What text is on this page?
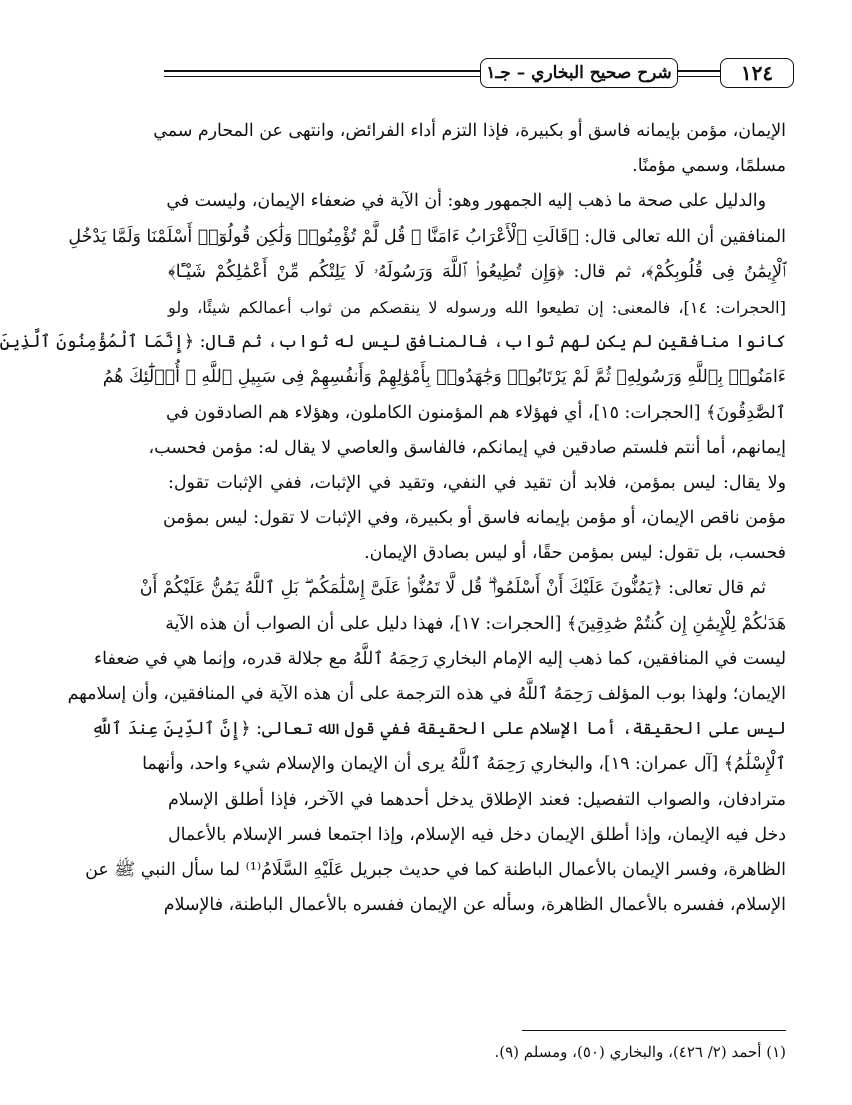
١٢٤
شرح صحيح البخاري – جـ١
الإيمان، مؤمن بإيمانه فاسق أو بكبيرة، فإذا التزم أداء الفرائض، وانتهى عن المحارم سمي
مسلمًا، وسمي مؤمنًا.
والدليل على صحة ما ذهب إليه الجمهور وهو: أن الآية في ضعفاء الإيمان، وليست في
المنافقين أن الله تعالى قال: ﴿قَالَتِ ٱلْأَعْرَابُ ءَامَنَّا ۖ قُل لَّمْ تُؤْمِنُوا۟ وَلَٰكِن قُولُوٓا۟ أَسْلَمْنَا وَلَمَّا يَدْخُلِ
ٱلْإِيمَٰنُ فِى قُلُوبِكُمْ﴾، ثم قال: ﴿وَإِن تُطِيعُوا۟ ٱللَّهَ وَرَسُولَهُۥ لَا يَلِتْكُم مِّنْ أَعْمَٰلِكُمْ شَيْـًٔا﴾
[الحجرات: ١٤]، فالمعنى: إن تطيعوا الله ورسوله لا ينقصكم من ثواب أعمالكم شيئًا، ولو
كانوا منافقين لم يكن لهم ثواب، فالمنافق ليس له ثواب، ثم قال: ﴿إِنَّمَا ٱلْمُؤْمِنُونَ ٱلَّذِينَ
ءَامَنُوا۟ بِٱللَّهِ وَرَسُولِهِۦ ثُمَّ لَمْ يَرْتَابُوا۟ وَجَٰهَدُوا۟ بِأَمْوَٰلِهِمْ وَأَنفُسِهِمْ فِى سَبِيلِ ٱللَّهِ ۚ أُو۟لَٰٓئِكَ هُمُ
ٱلصَّٰدِقُونَ﴾ [الحجرات: ١٥]، أي فهؤلاء هم المؤمنون الكاملون، وهؤلاء هم الصادقون في
إيمانهم، أما أنتم فلستم صادقين في إيمانكم، فالفاسق والعاصي لا يقال له: مؤمن فحسب،
ولا يقال: ليس بمؤمن، فلابد أن تقيد في النفي، وتقيد في الإثبات، ففي الإثبات تقول:
مؤمن ناقص الإيمان، أو مؤمن بإيمانه فاسق أو بكبيرة، وفي الإثبات لا تقول: ليس بمؤمن
فحسب، بل تقول: ليس بمؤمن حقًا، أو ليس بصادق الإيمان.
ثم قال تعالى: ﴿يَمُنُّونَ عَلَيْكَ أَنْ أَسْلَمُوا۟ ۖ قُل لَّا تَمُنُّوا۟ عَلَىَّ إِسْلَٰمَكُم ۖ بَلِ ٱللَّهُ يَمُنُّ عَلَيْكُمْ أَنْ
هَدَىٰكُمْ لِلْإِيمَٰنِ إِن كُنتُمْ صَٰدِقِينَ﴾ [الحجرات: ١٧]، فهذا دليل على أن الصواب أن هذه الآية
ليست في المنافقين، كما ذهب إليه الإمام البخاري رَحِمَهُ ٱللَّهُ مع جلالة قدره، وإنما هي في ضعفاء
الإيمان؛ ولهذا بوب المؤلف رَحِمَهُ ٱللَّهُ في هذه الترجمة على أن هذه الآية في المنافقين، وأن إسلامهم
ليس على الحقيقة، أما الإسلام على الحقيقة ففي قول الله تعالى: ﴿إِنَّ ٱلدِّينَ عِندَ ٱللَّهِ
ٱلْإِسْلَٰمُ﴾ [آل عمران: ١٩]، والبخاري رَحِمَهُ ٱللَّهُ يرى أن الإيمان والإسلام شيء واحد، وأنهما
مترادفان، والصواب التفصيل: فعند الإطلاق يدخل أحدهما في الآخر، فإذا أطلق الإسلام
دخل فيه الإيمان، وإذا أطلق الإيمان دخل فيه الإسلام، وإذا اجتمعا فسر الإسلام بالأعمال
الظاهرة، وفسر الإيمان بالأعمال الباطنة كما في حديث جبريل عَلَيْهِ السَّلَامُ⁽¹⁾ لما سأل النبي ﷺ عن
الإسلام، ففسره بالأعمال الظاهرة، وسأله عن الإيمان ففسره بالأعمال الباطنة، فالإسلام
(١) أحمد (٢/ ٤٢٦)، والبخاري (٥٠)، ومسلم (٩).
